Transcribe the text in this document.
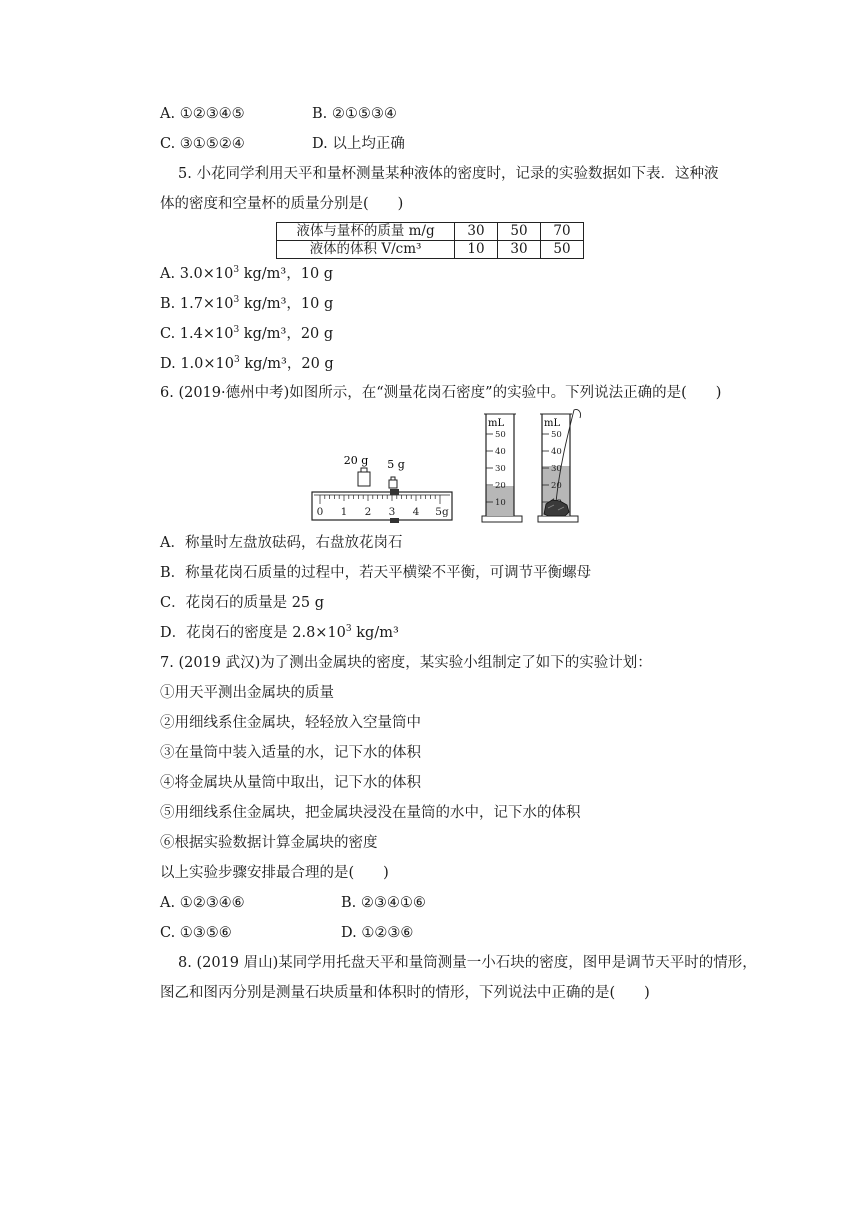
A. ①②③④⑤	B. ②①⑤③④
C. ③①⑤②④	D. 以上均正确
5. 小花同学利用天平和量杯测量某种液体的密度时，记录的实验数据如下表．这种液
体的密度和空量杯的质量分别是(　　)
液体与量杯的质量 m/g	30	50	70
液体的体积 V/cm³	10	30	50
A. $3.0\times 10^3$ kg/m³，10 g
B. $1.7\times 10^3$ kg/m³，10 g
C. $1.4\times 10^3$ kg/m³，20 g
D. $1.0\times 10^3$ kg/m³，20 g
6. (2019·德州中考)如图所示，在“测量花岗石密度”的实验中。下列说法正确的是(　　)
20 g 5 g
0 1 2 3 4 5g
mL
50
40
30
20
10
mL
50
40
30
20
A．称量时左盘放砝码，右盘放花岗石
B．称量花岗石质量的过程中，若天平横梁不平衡，可调节平衡螺母
C．花岗石的质量是 25 g
D．花岗石的密度是 $2.8\times 10^3$ kg/m³
7. (2019 武汉)为了测出金属块的密度，某实验小组制定了如下的实验计划：
①用天平测出金属块的质量
②用细线系住金属块，轻轻放入空量筒中
③在量筒中装入适量的水，记下水的体积
④将金属块从量筒中取出，记下水的体积
⑤用细线系住金属块，把金属块浸没在量筒的水中，记下水的体积
⑥根据实验数据计算金属块的密度
以上实验步骤安排最合理的是(　　)
A. ①②③④⑥	B. ②③④①⑥
C. ①③⑤⑥	D. ①②③⑥
8. (2019 眉山)某同学用托盘天平和量筒测量一小石块的密度，图甲是调节天平时的情形，
图乙和图丙分别是测量石块质量和体积时的情形，下列说法中正确的是(　　)
